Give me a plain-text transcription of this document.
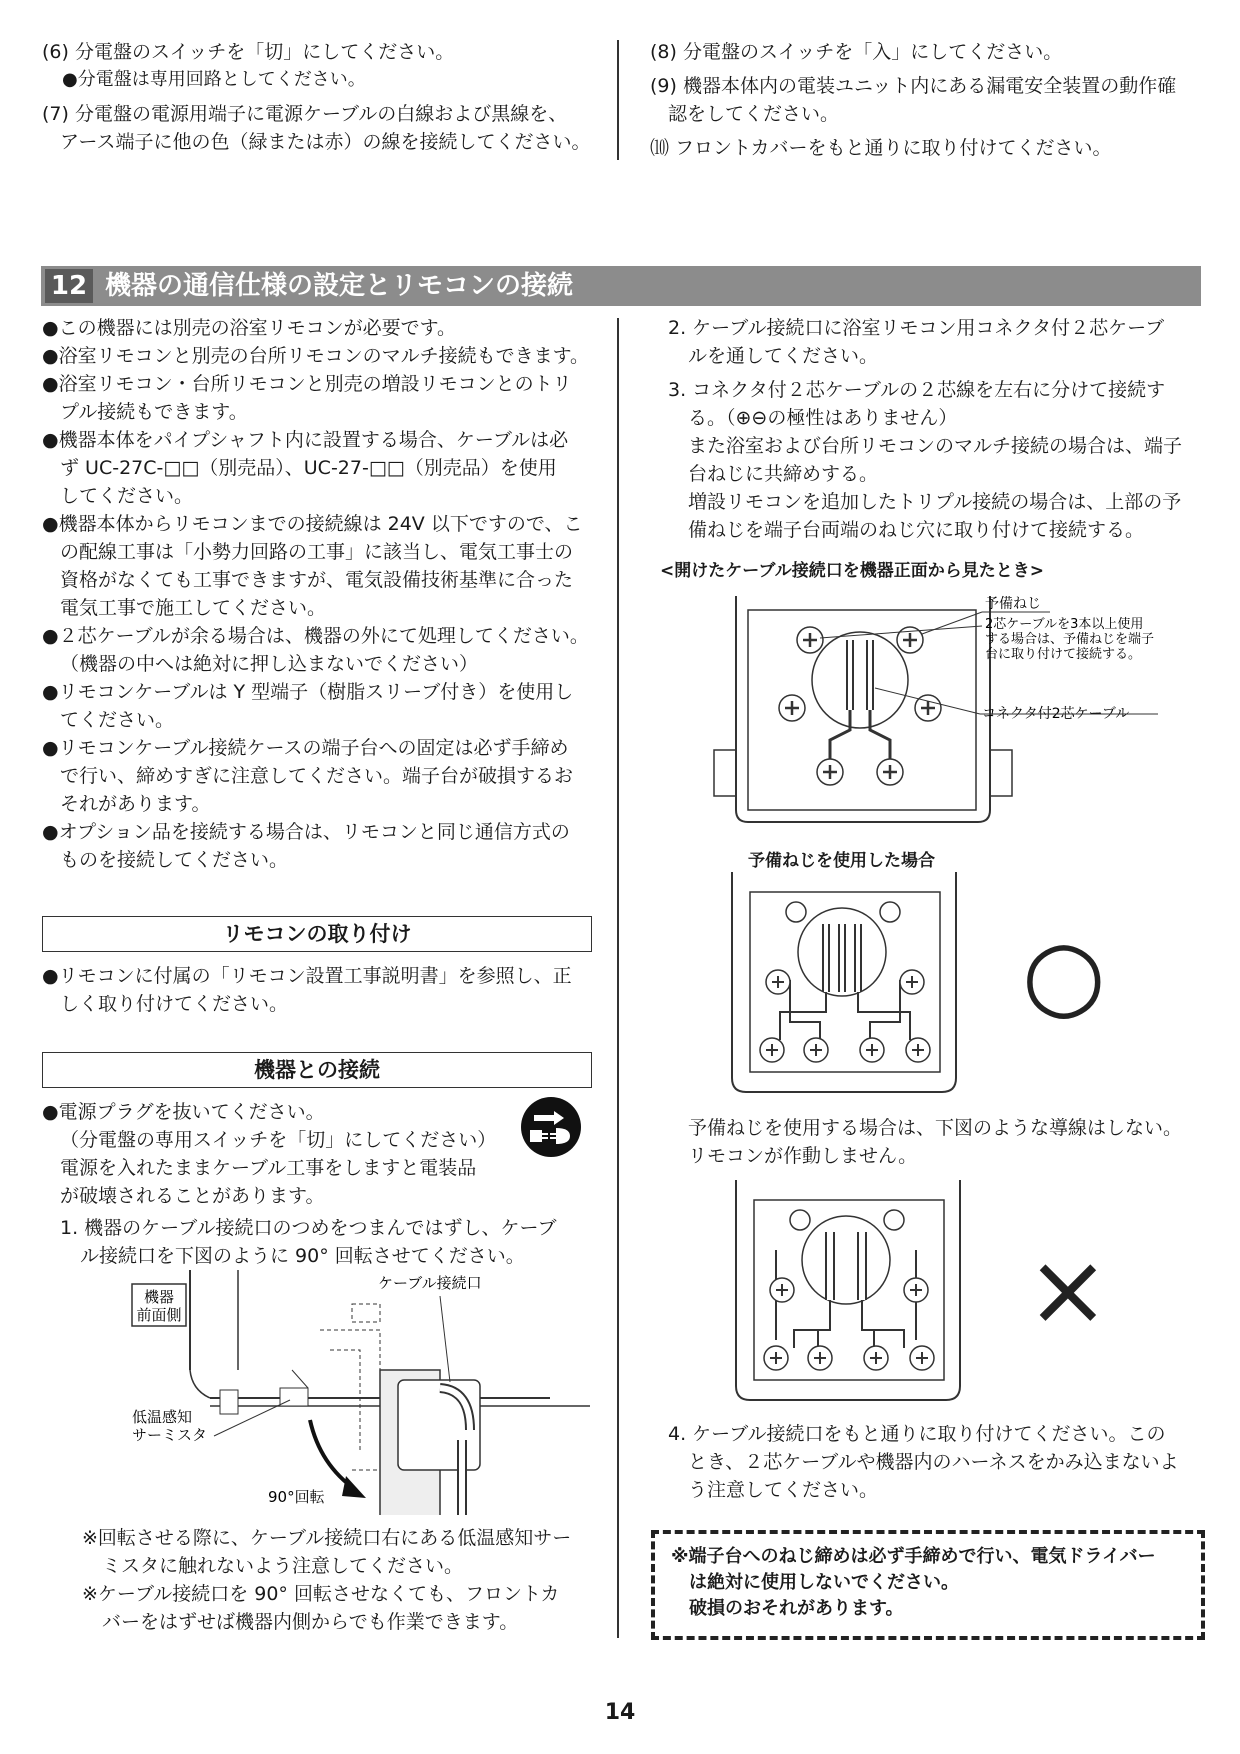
(6) 分電盤のスイッチを「切」にしてください。
●分電盤は専用回路としてください。
(7) 分電盤の電源用端子に電源ケーブルの白線および黒線を、
アース端子に他の色（緑または赤）の線を接続してください。
(8) 分電盤のスイッチを「入」にしてください。
(9) 機器本体内の電装ユニット内にある漏電安全装置の動作確
認をしてください。
⑽ フロントカバーをもと通りに取り付けてください。
12 機器の通信仕様の設定とリモコンの接続
●この機器には別売の浴室リモコンが必要です。
●浴室リモコンと別売の台所リモコンのマルチ接続もできます。
●浴室リモコン・台所リモコンと別売の増設リモコンとのトリ
プル接続もできます。
●機器本体をパイプシャフト内に設置する場合、ケーブルは必
ず UC-27C-□□（別売品）、UC-27-□□（別売品）を使用
してください。
●機器本体からリモコンまでの接続線は 24V 以下ですので、こ
の配線工事は「小勢力回路の工事」に該当し、電気工事士の
資格がなくても工事できますが、電気設備技術基準に合った
電気工事で施工してください。
●２芯ケーブルが余る場合は、機器の外にて処理してください。
（機器の中へは絶対に押し込まないでください）
●リモコンケーブルは Y 型端子（樹脂スリーブ付き）を使用し
てください。
●リモコンケーブル接続ケースの端子台への固定は必ず手締め
で行い、締めすぎに注意してください。端子台が破損するお
それがあります。
●オプション品を接続する場合は、リモコンと同じ通信方式の
ものを接続してください。
リモコンの取り付け
●リモコンに付属の「リモコン設置工事説明書」を参照し、正
しく取り付けてください。
機器との接続
●電源プラグを抜いてください。
（分電盤の専用スイッチを「切」にしてください）
電源を入れたままケーブル工事をしますと電装品
が破壊されることがあります。
1. 機器のケーブル接続口のつめをつまんではずし、ケーブ
ル接続口を下図のように 90° 回転させてください。
機器
前面側
ケーブル接続口
低温感知
サーミスタ
90°回転
※回転させる際に、ケーブル接続口右にある低温感知サー
ミスタに触れないよう注意してください。
※ケーブル接続口を 90° 回転させなくても、フロントカ
バーをはずせば機器内側からでも作業できます。
2. ケーブル接続口に浴室リモコン用コネクタ付２芯ケーブ
ルを通してください。
3. コネクタ付２芯ケーブルの２芯線を左右に分けて接続す
る。（⊕⊖の極性はありません）
また浴室および台所リモコンのマルチ接続の場合は、端子
台ねじに共締めする。
増設リモコンを追加したトリプル接続の場合は、上部の予
備ねじを端子台両端のねじ穴に取り付けて接続する。
<開けたケーブル接続口を機器正面から見たとき>
予備ねじ
2芯ケーブルを3本以上使用
する場合は、予備ねじを端子
台に取り付けて接続する。
コネクタ付2芯ケーブル
予備ねじを使用した場合
○
予備ねじを使用する場合は、下図のような導線はしない。
リモコンが作動しません。
×
4. ケーブル接続口をもと通りに取り付けてください。この
とき、２芯ケーブルや機器内のハーネスをかみ込まないよ
う注意してください。
※端子台へのねじ締めは必ず手締めで行い、電気ドライバー
は絶対に使用しないでください。
破損のおそれがあります。
14
